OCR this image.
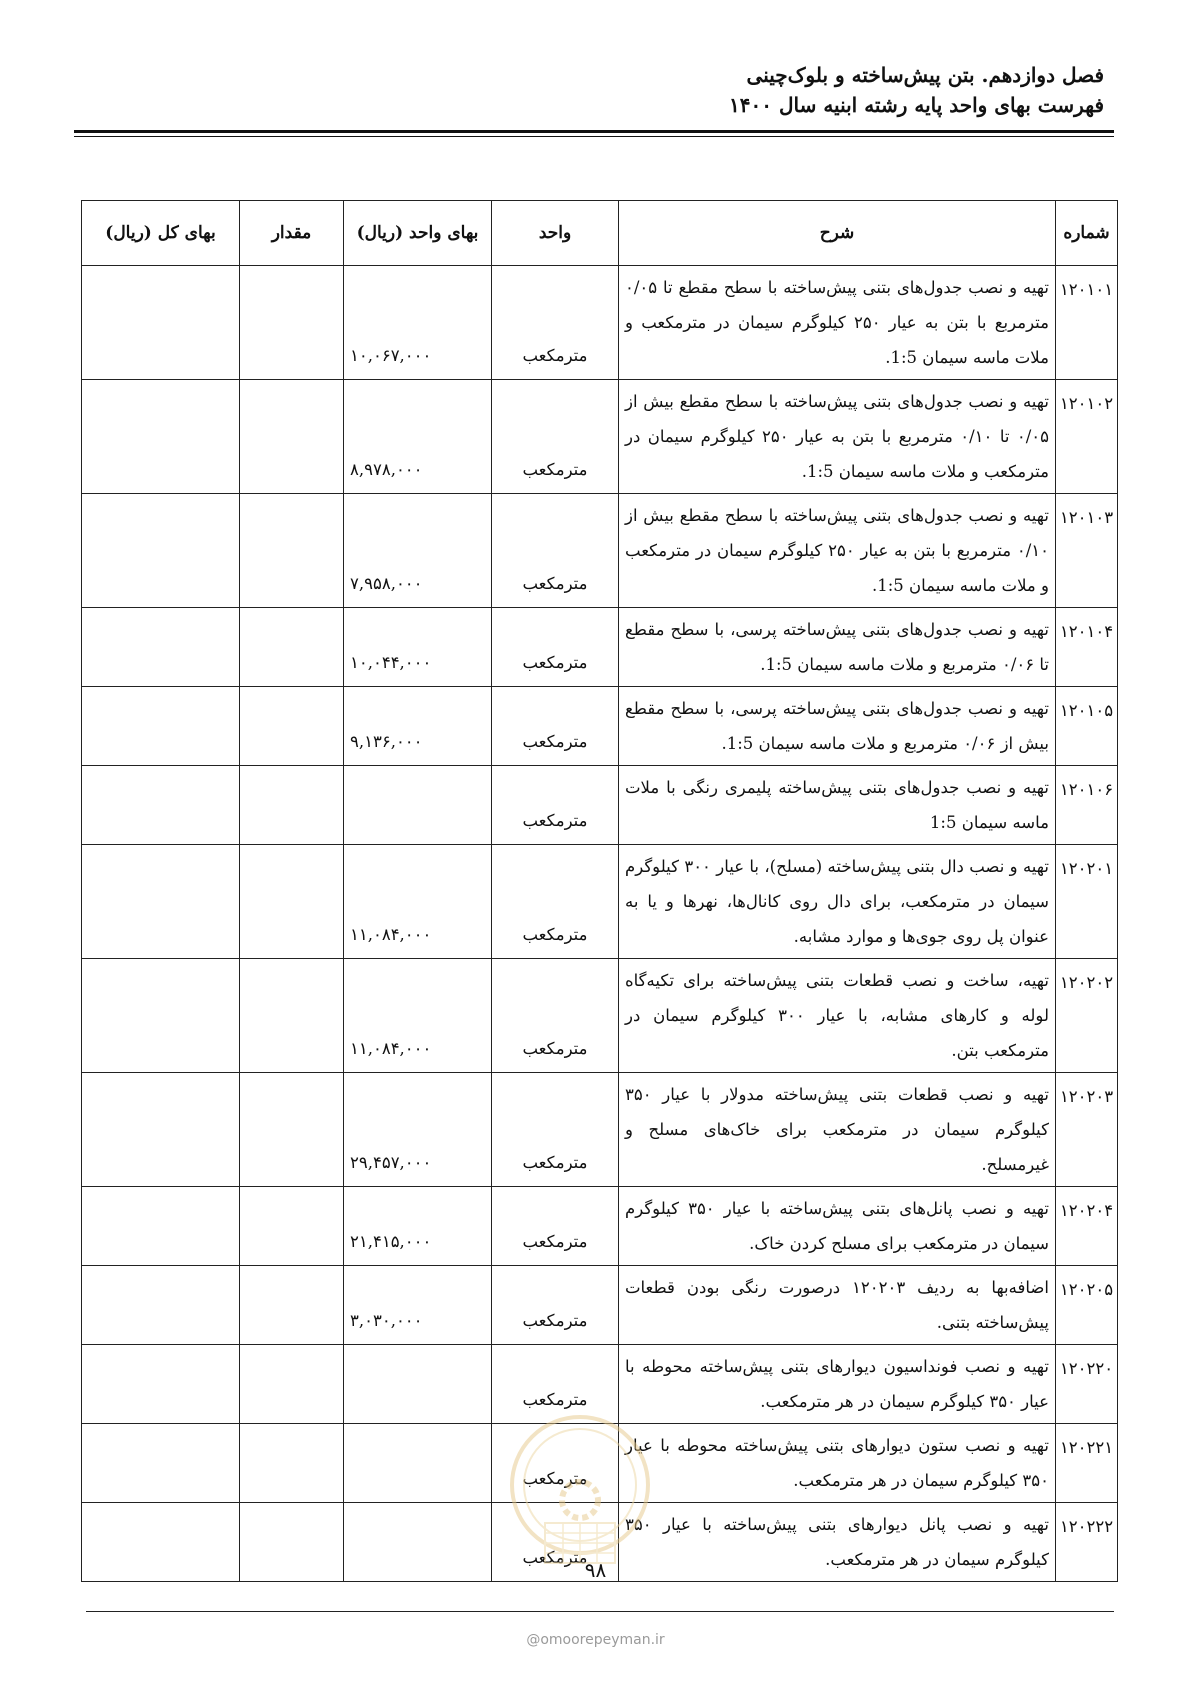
فصل دوازدهم. بتن پیش‌ساخته و بلوک‌چینی
فهرست بهای واحد پایه رشته ابنیه سال ۱۴۰۰
شماره	شرح	واحد	بهای واحد (ریال)	مقدار	بهای کل (ریال)
۱۲۰۱۰۱	تهیه و نصب جدول‌های بتنی پیش‌ساخته با سطح مقطع تا ۰/۰۵ مترمربع با بتن به عیار ۲۵۰ کیلوگرم سیمان در مترمکعب و ملات ماسه سیمان 1:5.	مترمکعب	۱۰,۰۶۷,۰۰۰		
۱۲۰۱۰۲	تهیه و نصب جدول‌های بتنی پیش‌ساخته با سطح مقطع بیش از ۰/۰۵ تا ۰/۱۰ مترمربع با بتن به عیار ۲۵۰ کیلوگرم سیمان در مترمکعب و ملات ماسه سیمان 1:5.	مترمکعب	۸,۹۷۸,۰۰۰		
۱۲۰۱۰۳	تهیه و نصب جدول‌های بتنی پیش‌ساخته با سطح مقطع بیش از ۰/۱۰ مترمربع با بتن به عیار ۲۵۰ کیلوگرم سیمان در مترمکعب و ملات ماسه سیمان 1:5.	مترمکعب	۷,۹۵۸,۰۰۰		
۱۲۰۱۰۴	تهیه و نصب جدول‌های بتنی پیش‌ساخته پرسی، با سطح مقطع تا ۰/۰۶ مترمربع و ملات ماسه سیمان 1:5.	مترمکعب	۱۰,۰۴۴,۰۰۰		
۱۲۰۱۰۵	تهیه و نصب جدول‌های بتنی پیش‌ساخته پرسی، با سطح مقطع بیش از ۰/۰۶ مترمربع و ملات ماسه سیمان 1:5.	مترمکعب	۹,۱۳۶,۰۰۰		
۱۲۰۱۰۶	تهیه و نصب جدول‌های بتنی پیش‌ساخته پلیمری رنگی با ملات ماسه سیمان 1:5	مترمکعب			
۱۲۰۲۰۱	تهیه و نصب دال بتنی پیش‌ساخته (مسلح)، با عیار ۳۰۰ کیلوگرم سیمان در مترمکعب، برای دال روی کانال‌ها، نهرها و یا به عنوان پل روی جوی‌ها و موارد مشابه.	مترمکعب	۱۱,۰۸۴,۰۰۰		
۱۲۰۲۰۲	تهیه، ساخت و نصب قطعات بتنی پیش‌ساخته برای تکیه‌گاه لوله و کارهای مشابه، با عیار ۳۰۰ کیلوگرم سیمان در مترمکعب بتن.	مترمکعب	۱۱,۰۸۴,۰۰۰		
۱۲۰۲۰۳	تهیه و نصب قطعات بتنی پیش‌ساخته مدولار با عیار ۳۵۰ کیلوگرم سیمان در مترمکعب برای خاک‌های مسلح و غیرمسلح.	مترمکعب	۲۹,۴۵۷,۰۰۰		
۱۲۰۲۰۴	تهیه و نصب پانل‌های بتنی پیش‌ساخته با عیار ۳۵۰ کیلوگرم سیمان در مترمکعب برای مسلح کردن خاک.	مترمکعب	۲۱,۴۱۵,۰۰۰		
۱۲۰۲۰۵	اضافه‌بها به ردیف ۱۲۰۲۰۳ درصورت رنگی بودن قطعات پیش‌ساخته بتنی.	مترمکعب	۳,۰۳۰,۰۰۰		
۱۲۰۲۲۰	تهیه و نصب فونداسیون دیوارهای بتنی پیش‌ساخته محوطه با عیار ۳۵۰ کیلوگرم سیمان در هر مترمکعب.	مترمکعب			
۱۲۰۲۲۱	تهیه و نصب ستون دیوارهای بتنی پیش‌ساخته محوطه با عیار ۳۵۰ کیلوگرم سیمان در هر مترمکعب.	مترمکعب			
۱۲۰۲۲۲	تهیه و نصب پانل دیوارهای بتنی پیش‌ساخته با عیار ۳۵۰ کیلوگرم سیمان در هر مترمکعب.	مترمکعب			
۹۸
@omoorepeyman.ir
